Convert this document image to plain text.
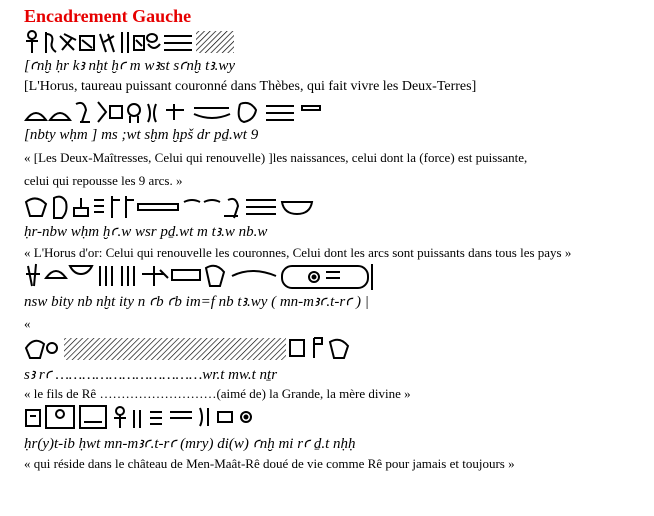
Encadrement Gauche
[ꜥnḫ ḥr kꜣ nḫt ḫꜥ m wꜣst sꜥnḫ tꜣ.wy
[L'Horus, taureau puissant couronné dans Thèbes, qui fait vivre les Deux-Terres]
[nbty wḥm ] ms ;wt sḫm ḫpš dr pḏ.wt 9
« [Les Deux-Maîtresses, Celui qui renouvelle) ]les naissances, celui dont la (force) est puissante,
celui qui repousse les 9 arcs. »
ḥr-nbw wḥm ḫꜥ.w wsr pḏ.wt m tꜣ.w nb.w
« L'Horus d'or: Celui qui renouvelle les couronnes, Celui dont les arcs sont puissants dans tous les pays »
nsw bity nb nḫt ity n ꜥb ꜥb im=f nb tꜣ.wy ( mn-mꜣꜥ.t-rꜥ ) |
«
sꜣ rꜥ ……………………………wr.t mw.t nṯr
« le fils de Rê ………………………(aimé de) la Grande, la mère divine »
ḥr(y)t-ib ḥwt mn-mꜣꜥ.t-rꜥ (mry) di(w) ꜥnḫ mi rꜥ ḏ.t nḥḥ
« qui réside dans le château de Men-Maât-Rê doué de vie comme Rê pour jamais et toujours »
